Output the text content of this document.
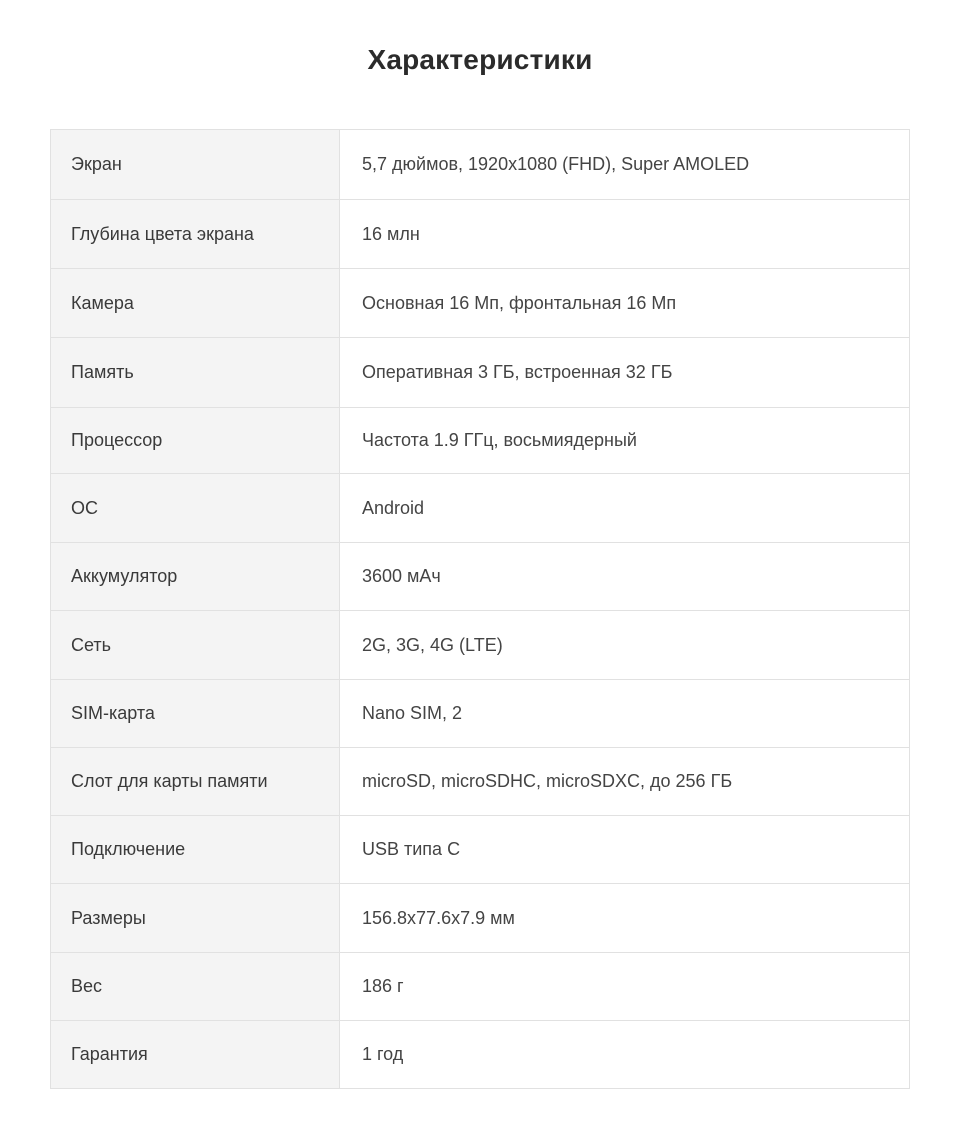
Характеристики
Экран	5,7 дюймов, 1920x1080 (FHD), Super AMOLED
Глубина цвета экрана	16 млн
Камера	Основная 16 Мп, фронтальная 16 Мп
Память	Оперативная 3 ГБ, встроенная 32 ГБ
Процессор	Частота 1.9 ГГц, восьмиядерный
ОС	Android
Аккумулятор	3600 мАч
Сеть	2G, 3G, 4G (LTE)
SIM-карта	Nano SIM, 2
Слот для карты памяти	microSD, microSDHC, microSDXC, до 256 ГБ
Подключение	USB типа C
Размеры	156.8x77.6x7.9 мм
Вес	186 г
Гарантия	1 год
